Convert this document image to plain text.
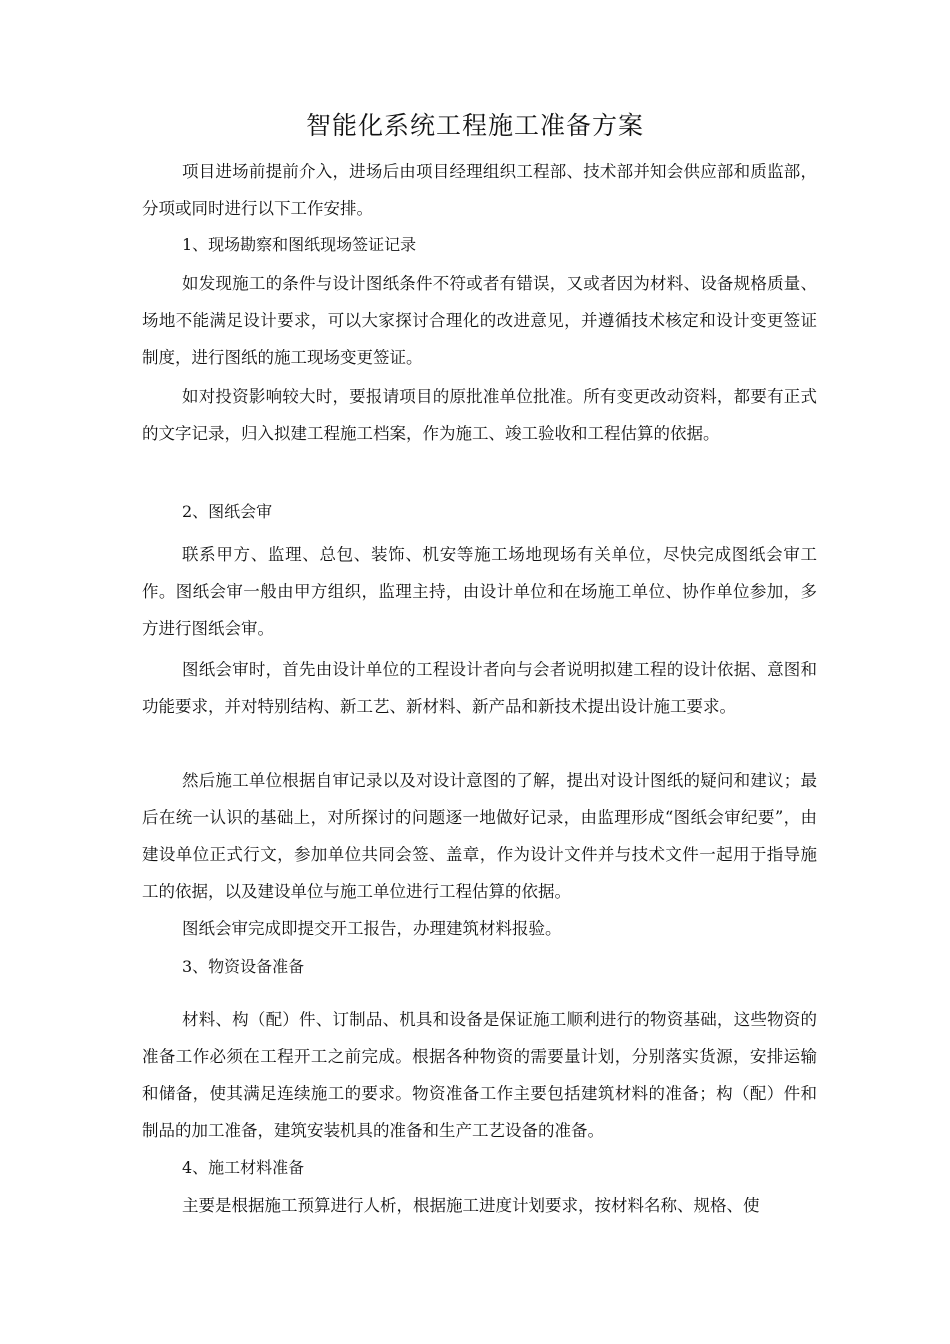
智能化系统工程施工准备方案

项目进场前提前介入，进场后由项目经理组织工程部、技术部并知会供应部和质监部，分项或同时进行以下工作安排。

1、现场勘察和图纸现场签证记录

如发现施工的条件与设计图纸条件不符或者有错误，又或者因为材料、设备规格质量、场地不能满足设计要求，可以大家探讨合理化的改进意见，并遵循技术核定和设计变更签证制度，进行图纸的施工现场变更签证。

如对投资影响较大时，要报请项目的原批准单位批准。所有变更改动资料，都要有正式的文字记录，归入拟建工程施工档案，作为施工、竣工验收和工程估算的依据。

2、图纸会审

联系甲方、监理、总包、装饰、机安等施工场地现场有关单位，尽快完成图纸会审工作。图纸会审一般由甲方组织，监理主持，由设计单位和在场施工单位、协作单位参加，多方进行图纸会审。

图纸会审时，首先由设计单位的工程设计者向与会者说明拟建工程的设计依据、意图和功能要求，并对特别结构、新工艺、新材料、新产品和新技术提出设计施工要求。

然后施工单位根据自审记录以及对设计意图的了解，提出对设计图纸的疑问和建议；最后在统一认识的基础上，对所探讨的问题逐一地做好记录，由监理形成“图纸会审纪要”，由建设单位正式行文，参加单位共同会签、盖章，作为设计文件并与技术文件一起用于指导施工的依据，以及建设单位与施工单位进行工程估算的依据。

图纸会审完成即提交开工报告，办理建筑材料报验。

3、物资设备准备

材料、构（配）件、订制品、机具和设备是保证施工顺利进行的物资基础，这些物资的准备工作必须在工程开工之前完成。根据各种物资的需要量计划，分别落实货源，安排运输和储备，使其满足连续施工的要求。物资准备工作主要包括建筑材料的准备；构（配）件和制品的加工准备，建筑安装机具的准备和生产工艺设备的准备。

4、施工材料准备

主要是根据施工预算进行人析，根据施工进度计划要求，按材料名称、规格、使
